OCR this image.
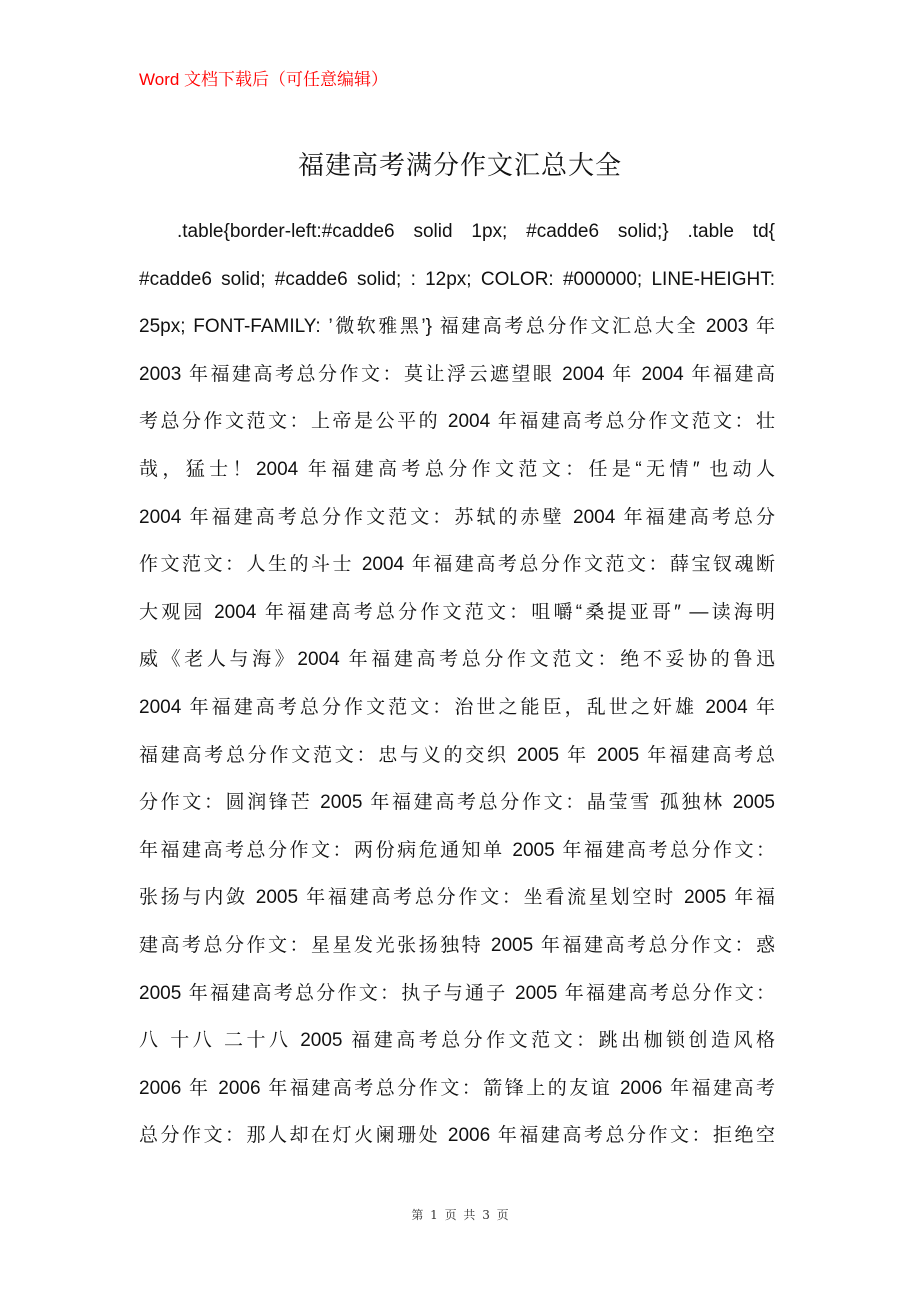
Word 文档下载后（可任意编辑）
福建高考满分作文汇总大全
.table{border-left:#cadde6 solid 1px; #cadde6 solid;} .table td{
#cadde6 solid; #cadde6 solid; : 12px; COLOR: #000000; LINE-HEIGHT:
25px; FONT-FAMILY: ’微软雅黑’} 福建高考总分作文汇总大全 2003 年
2003 年福建高考总分作文：莫让浮云遮望眼 2004 年 2004 年福建高
考总分作文范文：上帝是公平的 2004 年福建高考总分作文范文：壮
哉，猛士！2004 年福建高考总分作文范文：任是“无情″ 也动人
2004 年福建高考总分作文范文：苏轼的赤壁 2004 年福建高考总分
作文范文：人生的斗士 2004 年福建高考总分作文范文：薛宝钗魂断
大观园 2004 年福建高考总分作文范文：咀嚼“桑提亚哥″ —读海明
威《老人与海》2004 年福建高考总分作文范文：绝不妥协的鲁迅
2004 年福建高考总分作文范文：治世之能臣，乱世之奸雄 2004 年
福建高考总分作文范文：忠与义的交织 2005 年 2005 年福建高考总
分作文：圆润锋芒 2005 年福建高考总分作文：晶莹雪 孤独林 2005
年福建高考总分作文：两份病危通知单 2005 年福建高考总分作文：
张扬与内敛 2005 年福建高考总分作文：坐看流星划空时 2005 年福
建高考总分作文：星星发光张扬独特 2005 年福建高考总分作文：惑
2005 年福建高考总分作文：执子与通子 2005 年福建高考总分作文：
八 十八 二十八 2005 福建高考总分作文范文：跳出枷锁创造风格
2006 年 2006 年福建高考总分作文：箭锋上的友谊 2006 年福建高考
总分作文：那人却在灯火阑珊处 2006 年福建高考总分作文：拒绝空
第 1 页 共 3 页
